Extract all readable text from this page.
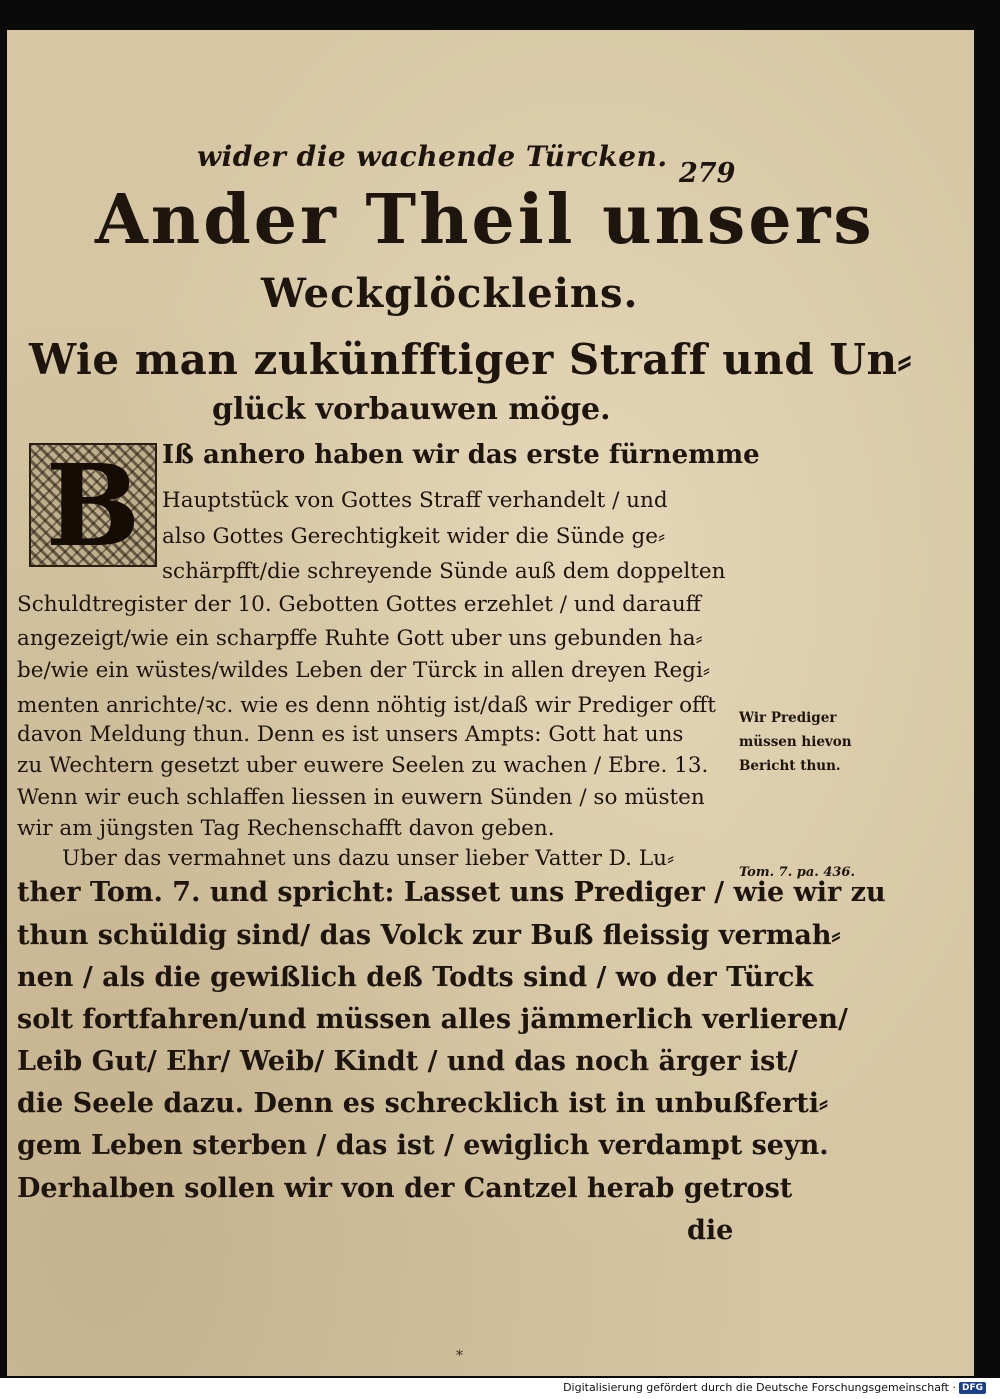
wider die wachende Türcken.
279
Ander Theil unsers
Weckglöckleins.
Wie man zukünfftiger Straff und Un⸗
glück vorbauwen möge.
B Iß anhero haben wir das erste fürnemme
Hauptstück von Gottes Straff verhandelt / und
also Gottes Gerechtigkeit wider die Sünde ge⸗
schärpfft/die schreyende Sünde auß dem doppelten
Schuldtregister der 10. Gebotten Gottes erzehlet / und darauff
angezeigt/wie ein scharpffe Ruhte Gott uber uns gebunden ha⸗
be/wie ein wüstes/wildes Leben der Türck in allen dreyen Regi⸗
menten anrichte/ꝛc. wie es denn nöhtig ist/daß wir Prediger offt
davon Meldung thun. Denn es ist unsers Ampts: Gott hat uns
zu Wechtern gesetzt uber euwere Seelen zu wachen / Ebre. 13.
Wenn wir euch schlaffen liessen in euwern Sünden / so müsten
wir am jüngsten Tag Rechenschafft davon geben.
Uber das vermahnet uns dazu unser lieber Vatter D. Lu⸗
ther Tom. 7. und spricht: Lasset uns Prediger / wie wir zu
thun schüldig sind/ das Volck zur Buß fleissig vermah⸗
nen / als die gewißlich deß Todts sind / wo der Türck
solt fortfahren/und müssen alles jämmerlich verlieren/
Leib Gut/ Ehr/ Weib/ Kindt / und das noch ärger ist/
die Seele dazu. Denn es schrecklich ist in unbußferti⸗
gem Leben sterben / das ist / ewiglich verdampt seyn.
Derhalben sollen wir von der Cantzel herab getrost
die
Wir Prediger
müssen hievon
Bericht thun.
Tom. 7. pa. 436.
*
Digitalisierung gefördert durch die Deutsche Forschungsgemeinschaft · DFG
